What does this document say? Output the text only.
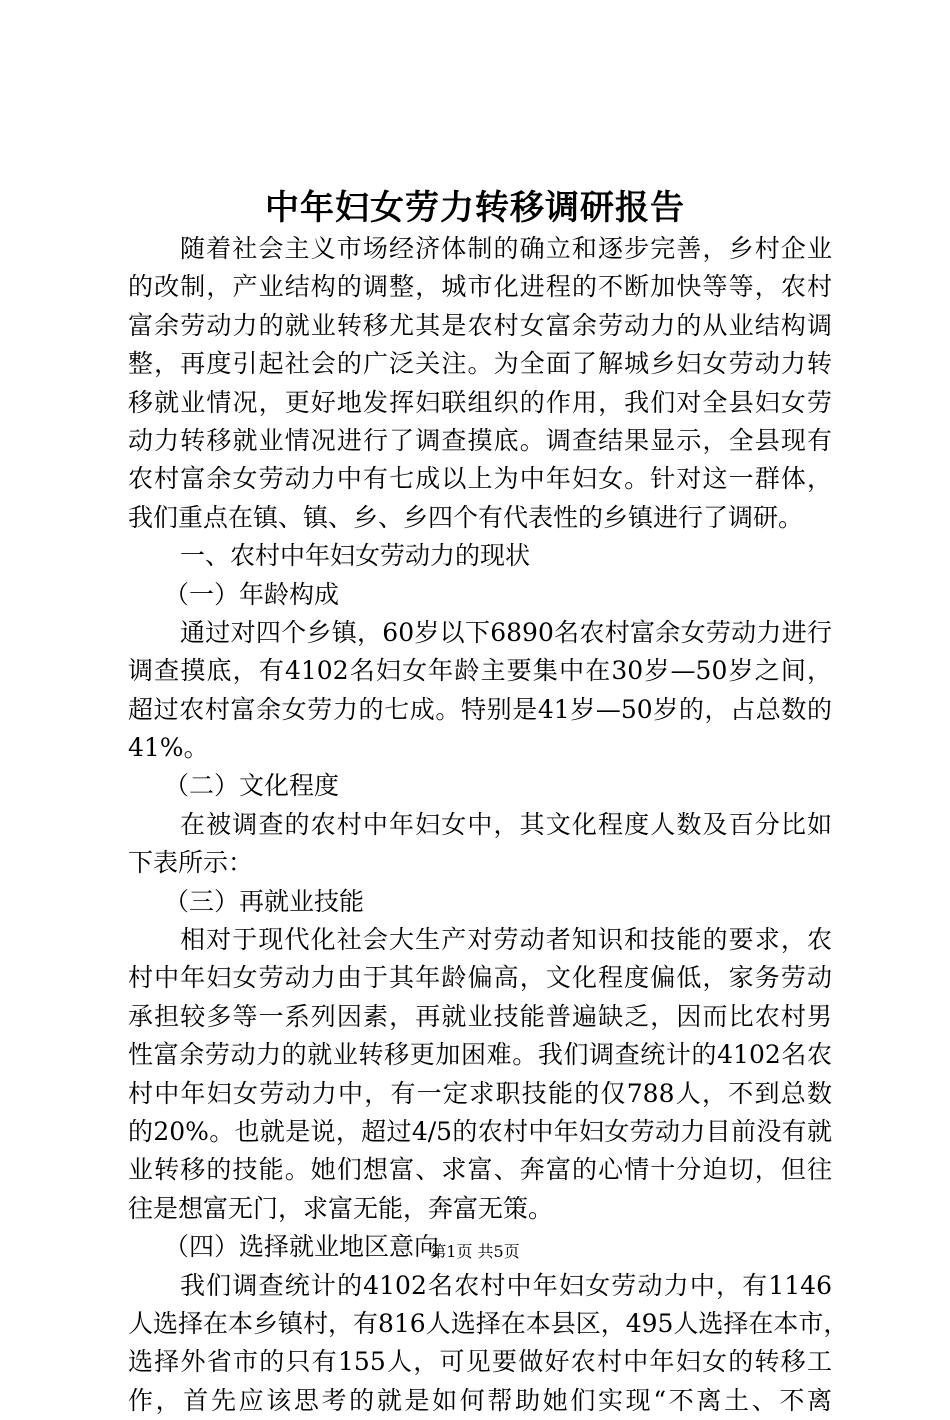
中年妇女劳力转移调研报告
随着社会主义市场经济体制的确立和逐步完善，乡村企业
的改制，产业结构的调整，城市化进程的不断加快等等，农村
富余劳动力的就业转移尤其是农村女富余劳动力的从业结构调
整，再度引起社会的广泛关注。为全面了解城乡妇女劳动力转
移就业情况，更好地发挥妇联组织的作用，我们对全县妇女劳
动力转移就业情况进行了调查摸底。调查结果显示，全县现有
农村富余女劳动力中有七成以上为中年妇女。针对这一群体，
我们重点在镇、镇、乡、乡四个有代表性的乡镇进行了调研。
一、农村中年妇女劳动力的现状
（一）年龄构成
通过对四个乡镇，60岁以下6890名农村富余女劳动力进行
调查摸底，有4102名妇女年龄主要集中在30岁—50岁之间，
超过农村富余女劳力的七成。特别是41岁—50岁的，占总数的
41%。
（二）文化程度
在被调查的农村中年妇女中，其文化程度人数及百分比如
下表所示：
（三）再就业技能
相对于现代化社会大生产对劳动者知识和技能的要求，农
村中年妇女劳动力由于其年龄偏高，文化程度偏低，家务劳动
承担较多等一系列因素，再就业技能普遍缺乏，因而比农村男
性富余劳动力的就业转移更加困难。我们调查统计的4102名农
村中年妇女劳动力中，有一定求职技能的仅788人，不到总数
的20%。也就是说，超过4/5的农村中年妇女劳动力目前没有就
业转移的技能。她们想富、求富、奔富的心情十分迫切，但往
往是想富无门，求富无能，奔富无策。
（四）选择就业地区意向
我们调查统计的4102名农村中年妇女劳动力中，有1146
人选择在本乡镇村，有816人选择在本县区，495人选择在本市，
选择外省市的只有155人，可见要做好农村中年妇女的转移工
作，首先应该思考的就是如何帮助她们实现“不离土、不离
第1页 共5页
